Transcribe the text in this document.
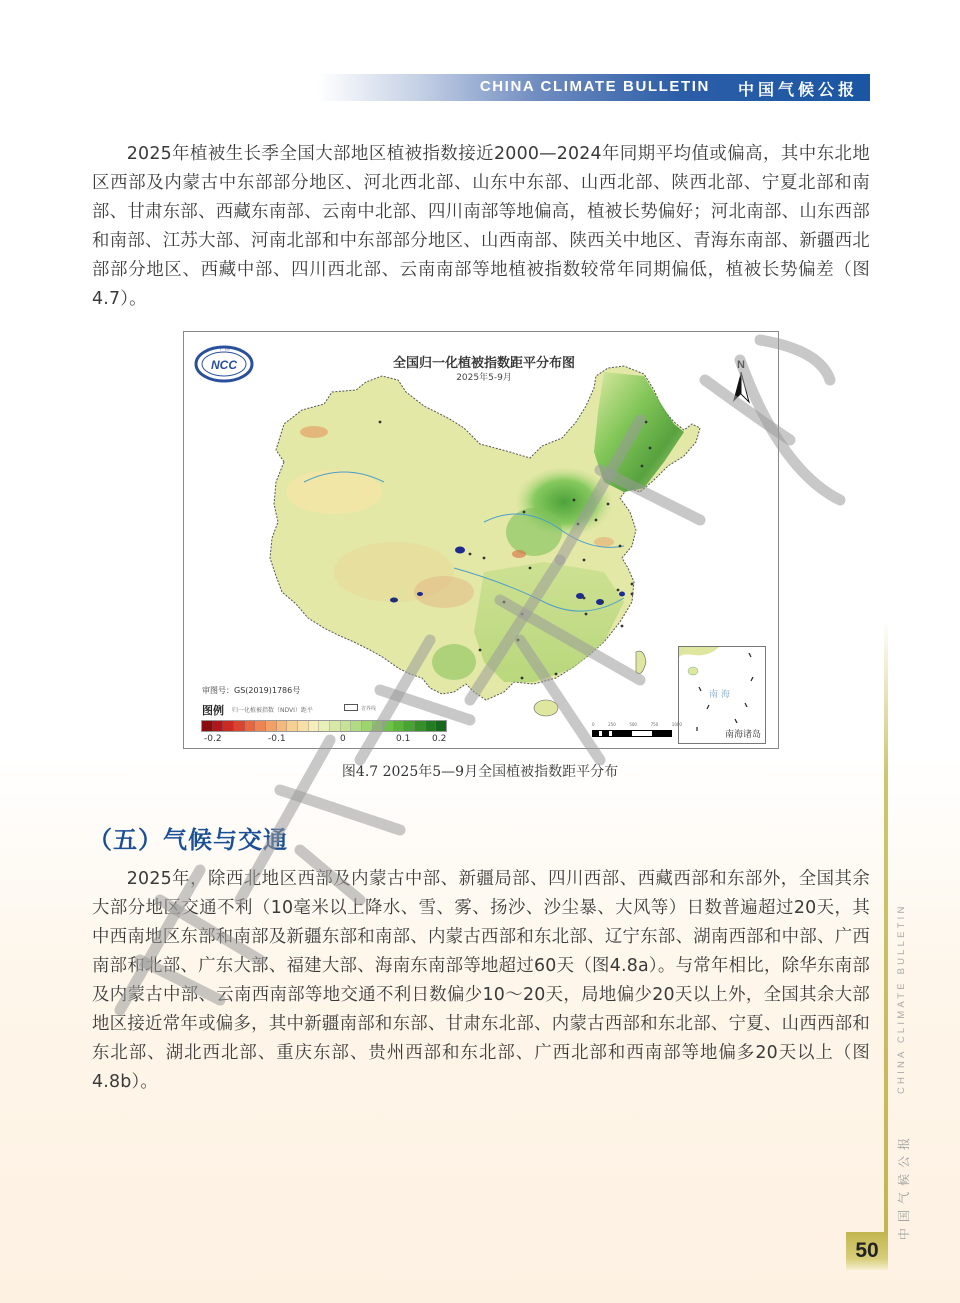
CHINA CLIMATE BULLETIN 中国气候公报

2025年植被生长季全国大部地区植被指数接近2000—2024年同期平均值或偏高，其中东北地区西部及内蒙古中东部部分地区、河北西北部、山东中东部、山西北部、陕西北部、宁夏北部和南部、甘肃东部、西藏东南部、云南中北部、四川南部等地偏高，植被长势偏好；河北南部、山东西部和南部、江苏大部、河南北部和中东部部分地区、山西南部、陕西关中地区、青海东南部、新疆西北部部分地区、西藏中部、四川西北部、云南南部等地植被指数较常年同期偏低，植被长势偏差（图4.7）。

NCC
中 国
全国归一化植被指数距平分布图
2025年5-9月
N
南 海
南海诸岛
审图号：GS(2019)1786号
图例 归一化植被指数（NDVI）距平	省界线
-0.2	-0.1	0	0.1 0.2
0	250	500	750	1000
图4.7 2025年5—9月全国植被指数距平分布
（五）气候与交通

2025年，除西北地区西部及内蒙古中部、新疆局部、四川西部、西藏西部和东部外，全国其余大部分地区交通不利（10毫米以上降水、雪、雾、扬沙、沙尘暴、大风等）日数普遍超过20天，其中西南地区东部和南部及新疆东部和南部、内蒙古西部和东北部、辽宁东部、湖南西部和中部、广西南部和北部、广东大部、福建大部、海南东南部等地超过60天（图4.8a）。与常年相比，除华东南部及内蒙古中部、云南西南部等地交通不利日数偏少10～20天，局地偏少20天以上外，全国其余大部地区接近常年或偏多，其中新疆南部和东部、甘肃东北部、内蒙古西部和东北部、宁夏、山西西部和东北部、湖北西北部、重庆东部、贵州西部和东北部、广西北部和西南部等地偏多20天以上（图4.8b）。	CHINA CLIMATE BULLETIN
中国气候公报
50
